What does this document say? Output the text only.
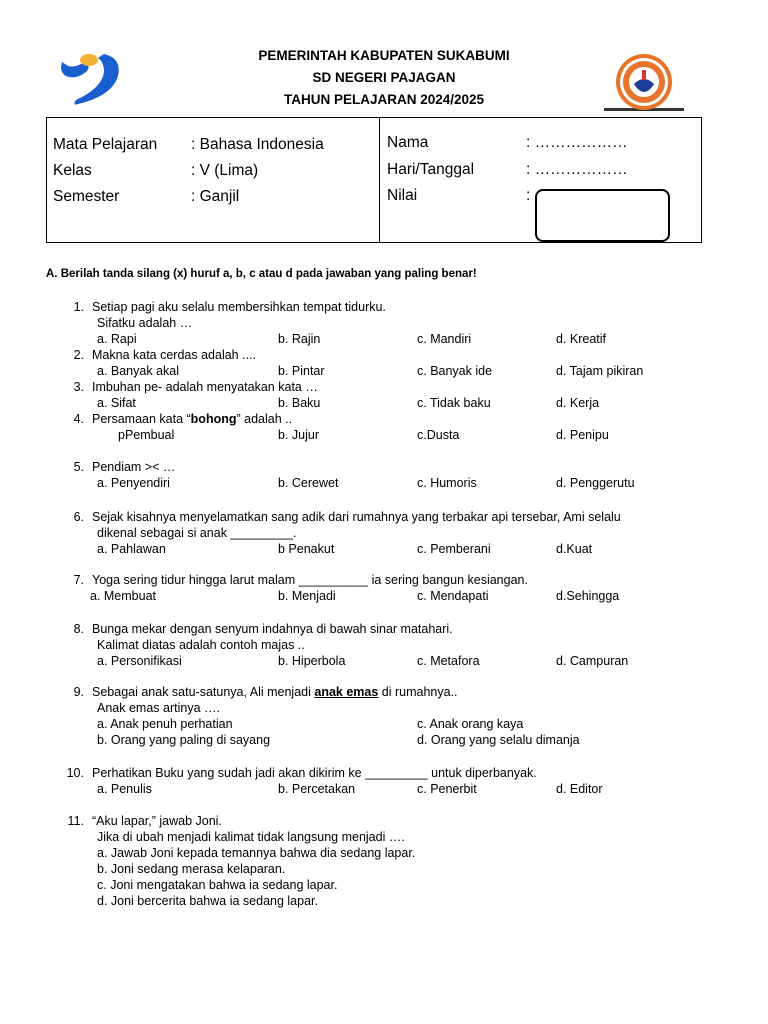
PEMERINTAH KABUPATEN SUKABUMI
SD NEGERI PAJAGAN
TAHUN PELAJARAN 2024/2025
Mata Pelajaran : Bahasa Indonesia
Kelas	: V (Lima)
Semester	: Ganjil
Nama	: ………………
Hari/Tanggal	: ………………
Nilai	:
A. Berilah tanda silang (x) huruf a, b, c atau d pada jawaban yang paling benar!
1. Setiap pagi aku selalu membersihkan tempat tidurku.
Sifatku adalah …
a. Rapi	b. Rajin	c. Mandiri	d. Kreatif
2. Makna kata cerdas adalah ....
a. Banyak akal	b. Pintar	c. Banyak ide	d. Tajam pikiran
3. Imbuhan pe- adalah menyatakan kata …
a. Sifat	b. Baku	c. Tidak baku	d. Kerja
4. Persamaan kata “bohong” adalah ..
pPembual	b. Jujur	c.Dusta	d. Penipu
5. Pendiam >< …
a. Penyendiri	b. Cerewet	c. Humoris	d. Penggerutu
6. Sejak kisahnya menyelamatkan sang adik dari rumahnya yang terbakar api tersebar, Ami selalu
dikenal sebagai si anak _________.
a. Pahlawan	b Penakut	c. Pemberani	d.Kuat
7. Yoga sering tidur hingga larut malam __________ ia sering bangun kesiangan.
a. Membuat	b. Menjadi	c. Mendapati	d.Sehingga
8. Bunga mekar dengan senyum indahnya di bawah sinar matahari.
Kalimat diatas adalah contoh majas ..
a. Personifikasi	b. Hiperbola	c. Metafora	d. Campuran
9. Sebagai anak satu-satunya, Ali menjadi anak emas di rumahnya..
Anak emas artinya ….
a. Anak penuh perhatian
b. Orang yang paling di sayang
c. Anak orang kaya
d. Orang yang selalu dimanja
10. Perhatikan Buku yang sudah jadi akan dikirim ke _________ untuk diperbanyak.
a. Penulis	b. Percetakan	c. Penerbit	d. Editor
11. “Aku lapar,” jawab Joni.
Jika di ubah menjadi kalimat tidak langsung menjadi ….
a. Jawab Joni kepada temannya bahwa dia sedang lapar.
b. Joni sedang merasa kelaparan.
c. Joni mengatakan bahwa ia sedang lapar.
d. Joni bercerita bahwa ia sedang lapar.
